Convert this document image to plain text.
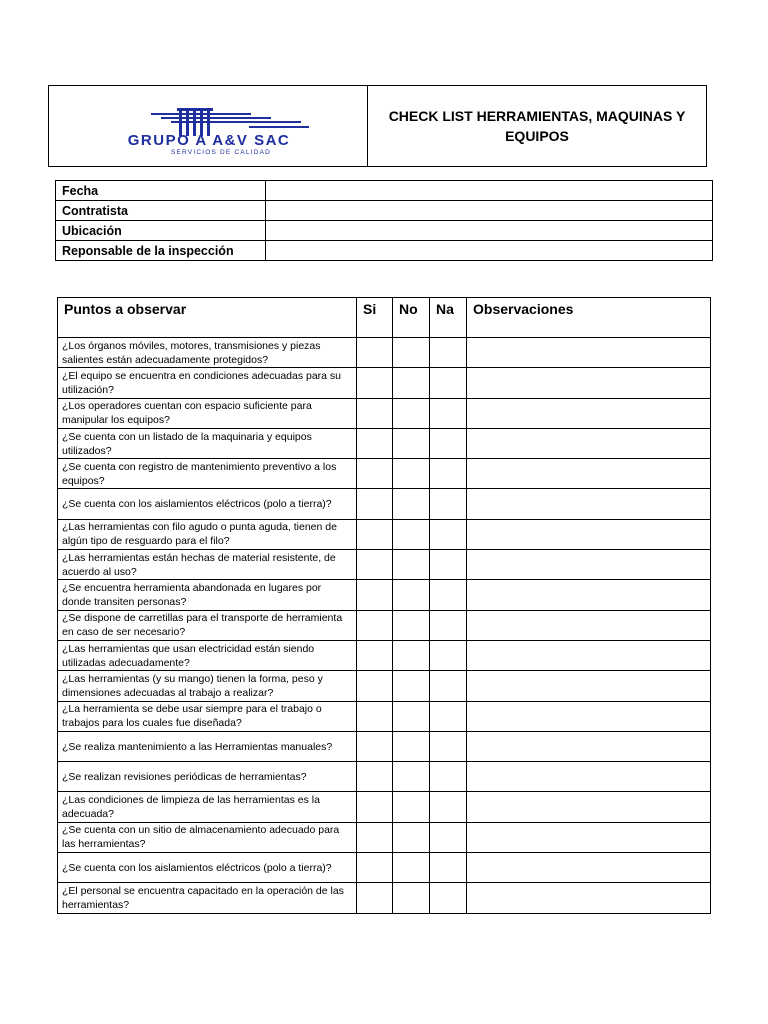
GRUPO A A&V SAC
SERVICIOS DE CALIDAD
CHECK LIST HERRAMIENTAS, MAQUINAS Y EQUIPOS
Fecha	
Contratista	
Ubicación	
Reponsable de la inspección	
Puntos a observar	Si	No	Na	Observaciones
¿Los órganos móviles, motores, transmisiones y piezas salientes están adecuadamente protegidos?				
¿El equipo se encuentra en condiciones adecuadas para su utilización?				
¿Los operadores cuentan con espacio suficiente para manipular los equipos?				
¿Se cuenta con un listado de la maquinaria y equipos utilizados?				
¿Se cuenta con registro de mantenimiento preventivo a los equipos?				
¿Se cuenta con los aislamientos eléctricos (polo a tierra)?				
¿Las herramientas con filo agudo o punta aguda, tienen de algún tipo de resguardo para el filo?				
¿Las herramientas están hechas de material resistente, de acuerdo al uso?				
¿Se encuentra herramienta abandonada en lugares por donde transiten personas?				
¿Se dispone de carretillas para el transporte de herramienta en caso de ser necesario?				
¿Las herramientas que usan electricidad están siendo utilizadas adecuadamente?				
¿Las herramientas (y su mango) tienen la forma, peso y dimensiones adecuadas al trabajo a realizar?				
¿La herramienta se debe usar siempre para el trabajo o trabajos para los cuales fue diseñada?				
¿Se realiza mantenimiento a las Herramientas manuales?				
¿Se realizan revisiones periódicas de herramientas?				
¿Las condiciones de limpieza de las herramientas es la adecuada?				
¿Se cuenta con un sitio de almacenamiento adecuado para las herramientas?				
¿Se cuenta con los aislamientos eléctricos (polo a tierra)?				
¿El personal se encuentra capacitado en la operación de las herramientas?				
